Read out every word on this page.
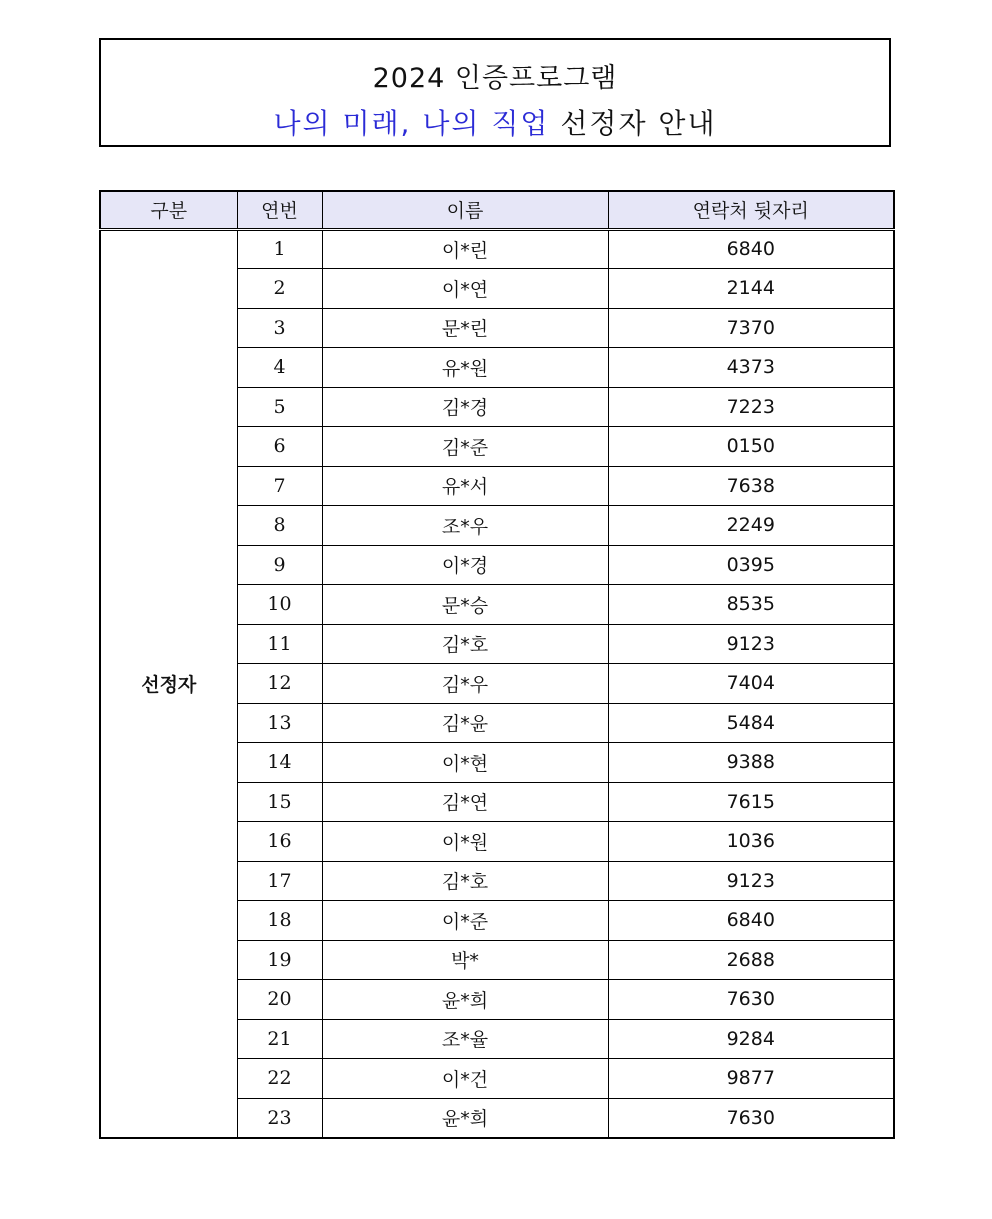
2024 인증프로그램
나의 미래, 나의 직업 선정자 안내
구분	연번	이름	연락처 뒷자리
선정자	1	이*린	6840
	2	이*연	2144
	3	문*린	7370
	4	유*원	4373
	5	김*경	7223
	6	김*준	0150
	7	유*서	7638
	8	조*우	2249
	9	이*경	0395
	10	문*승	8535
	11	김*호	9123
	12	김*우	7404
	13	김*윤	5484
	14	이*현	9388
	15	김*연	7615
	16	이*원	1036
	17	김*호	9123
	18	이*준	6840
	19	박*	2688
	20	윤*희	7630
	21	조*율	9284
	22	이*건	9877
	23	윤*희	7630
